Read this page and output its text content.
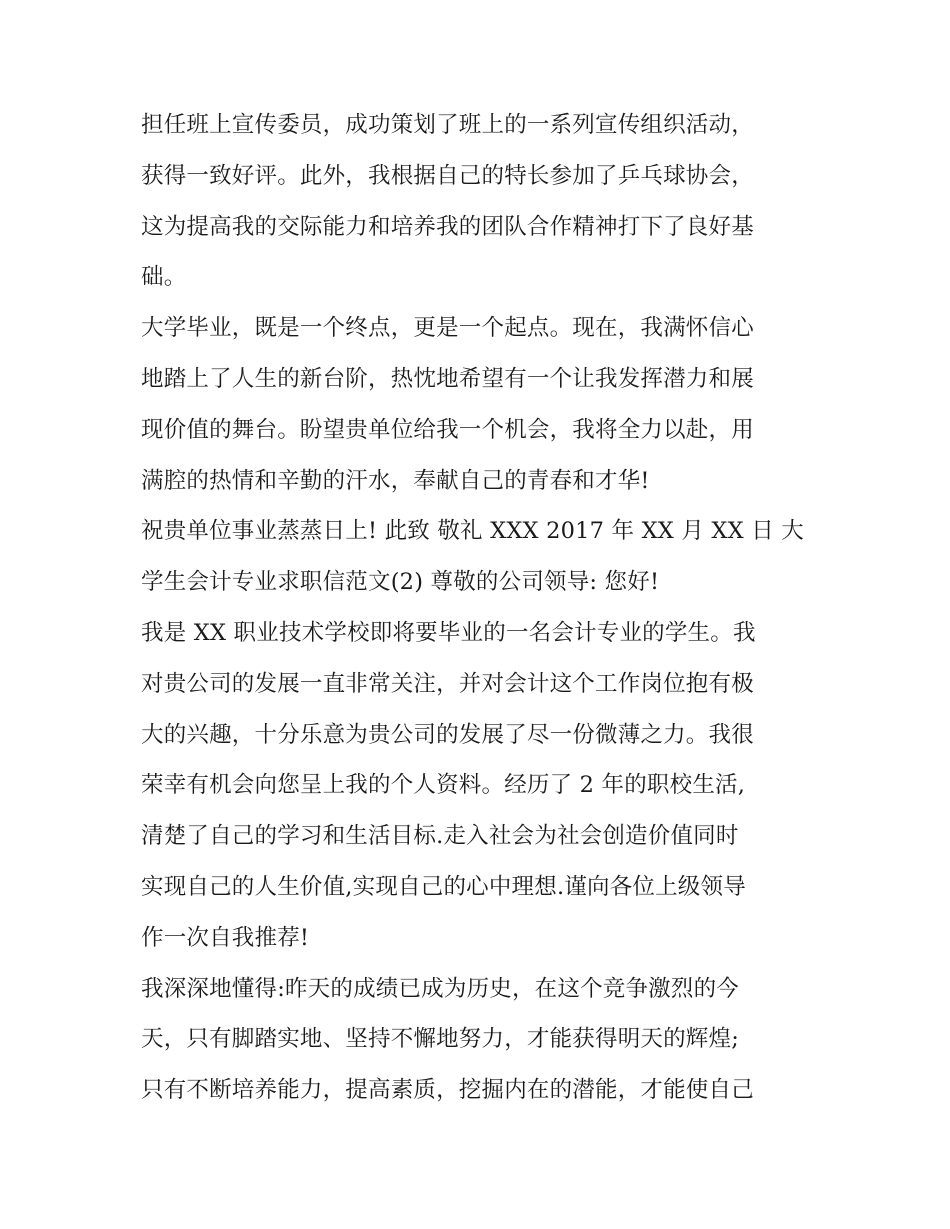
担任班上宣传委员，成功策划了班上的一系列宣传组织活动，
获得一致好评。此外，我根据自己的特长参加了乒乓球协会，
这为提高我的交际能力和培养我的团队合作精神打下了良好基
础。
大学毕业，既是一个终点，更是一个起点。现在，我满怀信心
地踏上了人生的新台阶，热忱地希望有一个让我发挥潜力和展
现价值的舞台。盼望贵单位给我一个机会，我将全力以赴，用
满腔的热情和辛勤的汗水，奉献自己的青春和才华!
祝贵单位事业蒸蒸日上! 此致 敬礼 XXX 2017 年 XX 月 XX 日 大
学生会计专业求职信范文(2) 尊敬的公司领导: 您好!
我是 XX 职业技术学校即将要毕业的一名会计专业的学生。我
对贵公司的发展一直非常关注，并对会计这个工作岗位抱有极
大的兴趣，十分乐意为贵公司的发展了尽一份微薄之力。我很
荣幸有机会向您呈上我的个人资料。经历了 2 年的职校生活,
清楚了自己的学习和生活目标.走入社会为社会创造价值同时
实现自己的人生价值,实现自己的心中理想.谨向各位上级领导
作一次自我推荐!
我深深地懂得:昨天的成绩已成为历史，在这个竞争激烈的今
天，只有脚踏实地、坚持不懈地努力，才能获得明天的辉煌;
只有不断培养能力，提高素质，挖掘内在的潜能，才能使自己
